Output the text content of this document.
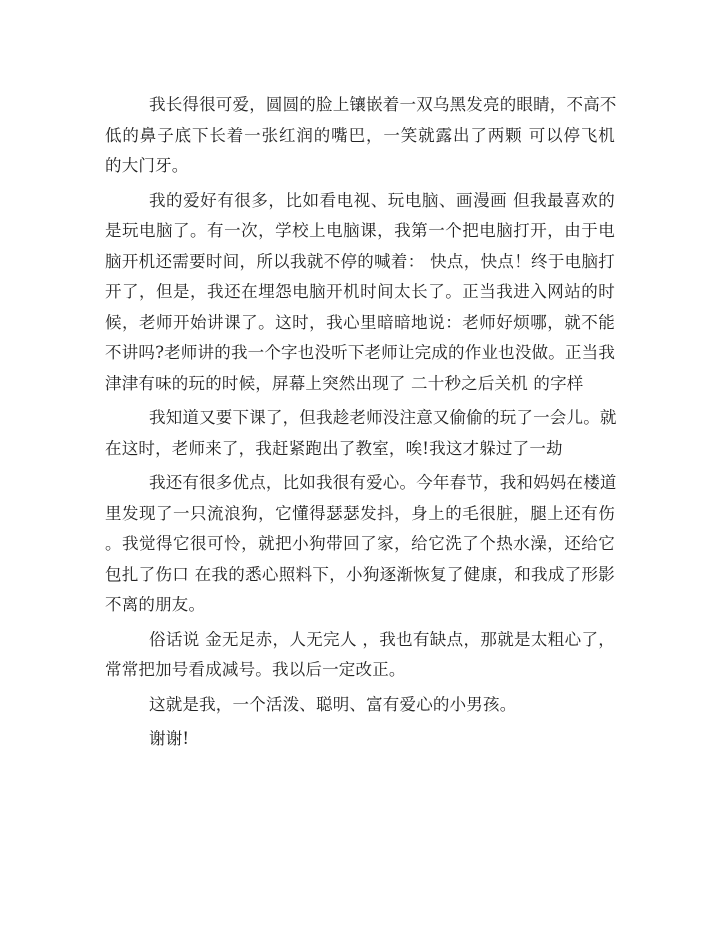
我长得很可爱，圆圆的脸上镶嵌着一双乌黑发亮的眼睛，不高不
低的鼻子底下长着一张红润的嘴巴，一笑就露出了两颗 可以停飞机
的大门牙。
我的爱好有很多，比如看电视、玩电脑、画漫画 但我最喜欢的
是玩电脑了。有一次，学校上电脑课，我第一个把电脑打开，由于电
脑开机还需要时间，所以我就不停的喊着： 快点，快点！终于电脑打
开了，但是，我还在埋怨电脑开机时间太长了。正当我进入网站的时
候，老师开始讲课了。这时，我心里暗暗地说：老师好烦哪，就不能
不讲吗?老师讲的我一个字也没听下老师让完成的作业也没做。正当我
津津有味的玩的时候，屏幕上突然出现了 二十秒之后关机 的字样
我知道又要下课了，但我趁老师没注意又偷偷的玩了一会儿。就
在这时，老师来了，我赶紧跑出了教室，唉!我这才躲过了一劫
我还有很多优点，比如我很有爱心。今年春节，我和妈妈在楼道
里发现了一只流浪狗，它懂得瑟瑟发抖，身上的毛很脏，腿上还有伤
。我觉得它很可怜，就把小狗带回了家，给它洗了个热水澡，还给它
包扎了伤口 在我的悉心照料下，小狗逐渐恢复了健康，和我成了形影
不离的朋友。
俗话说 金无足赤，人无完人 ，我也有缺点，那就是太粗心了，
常常把加号看成减号。我以后一定改正。
这就是我，一个活泼、聪明、富有爱心的小男孩。
谢谢!
